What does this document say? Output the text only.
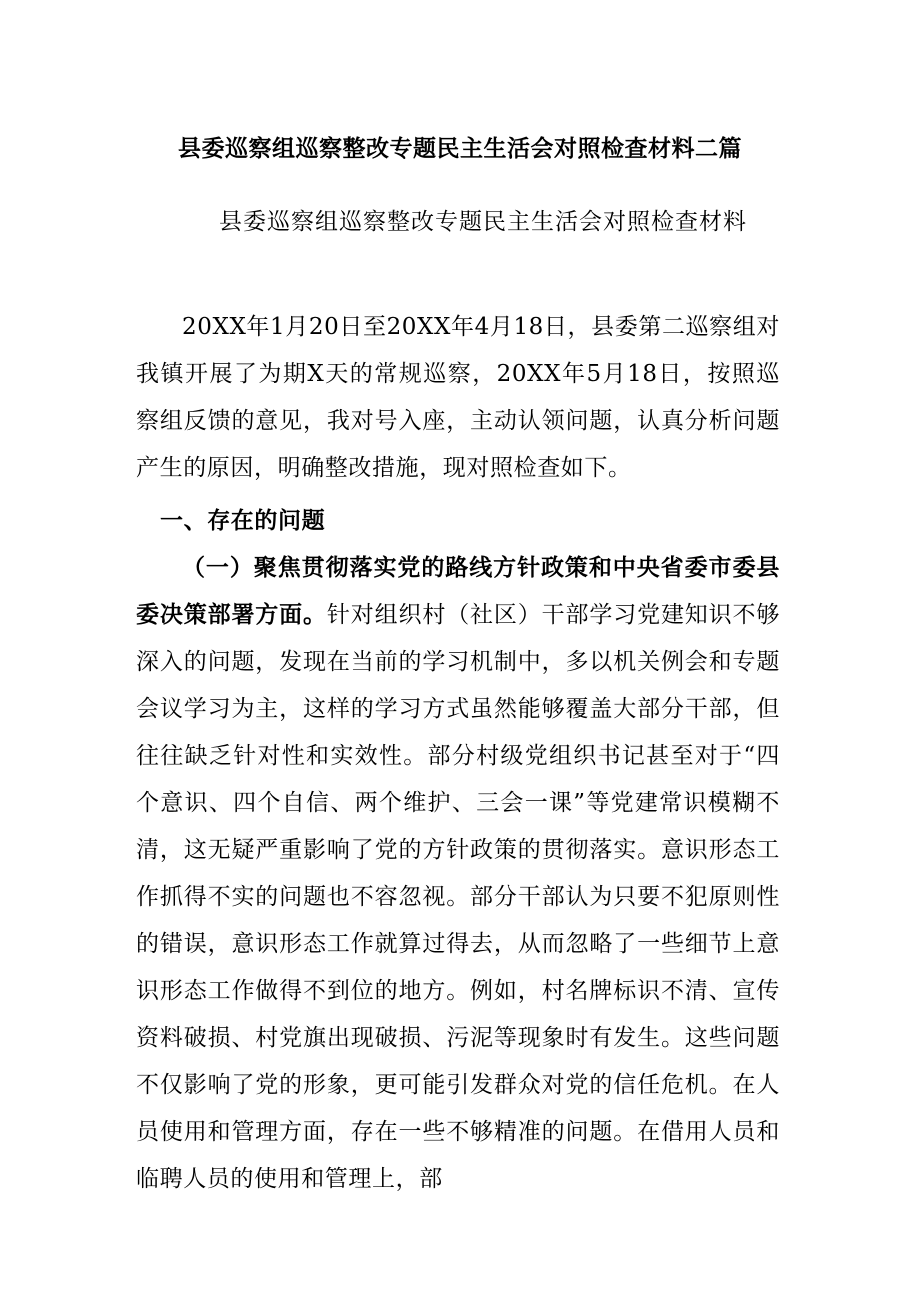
县委巡察组巡察整改专题民主生活会对照检查材料二篇
县委巡察组巡察整改专题民主生活会对照检查材料

20XX年1月20日至20XX年4月18日，县委第二巡察组对我镇开展了为期X天的常规巡察，20XX年5月18日，按照巡察组反馈的意见，我对号入座，主动认领问题，认真分析问题产生的原因，明确整改措施，现对照检查如下。

一、存在的问题

（一）聚焦贯彻落实党的路线方针政策和中央省委市委县委决策部署方面。针对组织村（社区）干部学习党建知识不够深入的问题，发现在当前的学习机制中，多以机关例会和专题会议学习为主，这样的学习方式虽然能够覆盖大部分干部，但往往缺乏针对性和实效性。部分村级党组织书记甚至对于“四个意识、四个自信、两个维护、三会一课”等党建常识模糊不清，这无疑严重影响了党的方针政策的贯彻落实。意识形态工作抓得不实的问题也不容忽视。部分干部认为只要不犯原则性的错误，意识形态工作就算过得去，从而忽略了一些细节上意识形态工作做得不到位的地方。例如，村名牌标识不清、宣传资料破损、村党旗出现破损、污泥等现象时有发生。这些问题不仅影响了党的形象，更可能引发群众对党的信任危机。在人员使用和管理方面，存在一些不够精准的问题。在借用人员和临聘人员的使用和管理上，部
